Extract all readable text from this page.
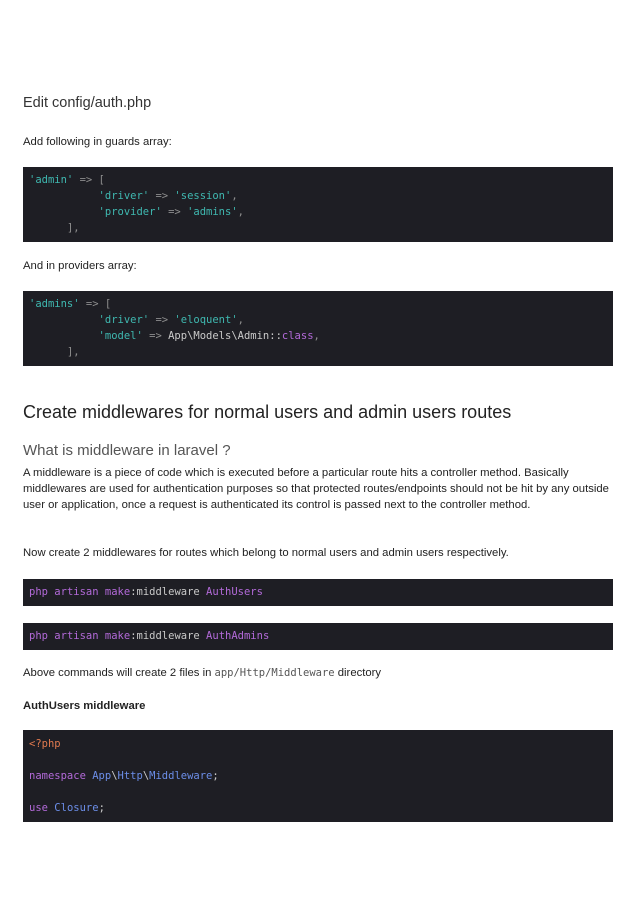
Edit config/auth.php
Add following in guards array:
'admin' => [
'driver' => 'session',
'provider' => 'admins',
],
And in providers array:
'admins' => [
'driver' => 'eloquent',
'model' => App\Models\Admin::class,
],
Create middlewares for normal users and admin users routes
What is middleware in laravel ?
A middleware is a piece of code which is executed before a particular route hits a controller method. Basically middlewares are used for authentication purposes so that protected routes/endpoints should not be hit by any outside user or application, once a request is authenticated its control is passed next to the controller method.
Now create 2 middlewares for routes which belong to normal users and admin users respectively.
php artisan make:middleware AuthUsers
php artisan make:middleware AuthAdmins
Above commands will create 2 files in app/Http/Middleware directory
AuthUsers middleware
<?php

namespace App\Http\Middleware;

use Closure;
